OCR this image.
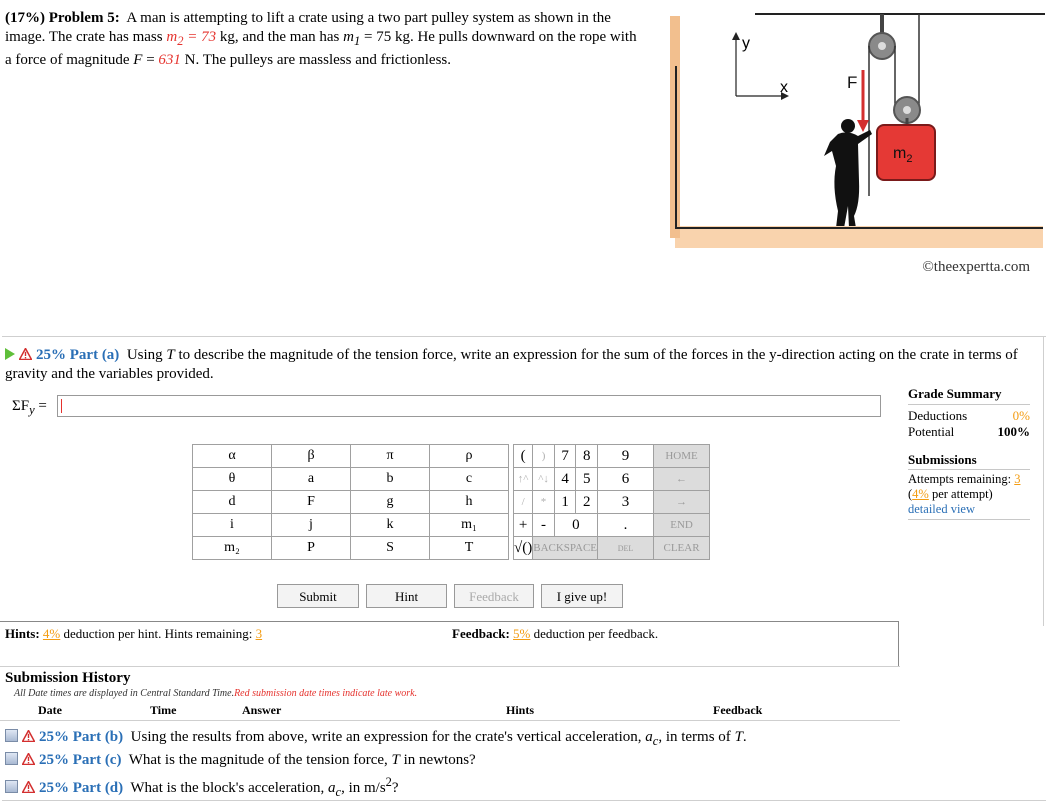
(17%) Problem 5: A man is attempting to lift a crate using a two part pulley system as shown in the image. The crate has mass $m_2 = 73$ kg, and the man has $m_1 = 75$ kg. He pulls downward on the rope with a force of magnitude F = 631 N. The pulleys are massless and frictionless.
$m_2$
F
y
x
©theexpertta.com
25% Part (a) Using T to describe the magnitude of the tension force, write an expression for the sum of the forces in the y-direction acting on the crate in terms of gravity and the variables provided.
$\Sigma F_y$ =
Grade Summary
Deductions	0%
Potential	100%
Submissions
Attempts remaining: 3
(4% per attempt)
detailed view
α	β	π	ρ
θ	a	b	c
d	F	g	h
i	j	k	m₁
m₂	P	S	T
(	)	7	8	9	HOME
↑^	^↓	4	5	6	←
/	*	1	2	3	→
+	-	0		.	END
√()	BACKSPACE			DEL	CLEAR
Submit	Hint	Feedback	I give up!
Hints: 4% deduction per hint. Hints remaining: 3	Feedback: 5% deduction per feedback.
Submission History
All Date times are displayed in Central Standard Time.Red submission date times indicate late work.
Date	Time	Answer	Hints	Feedback
25% Part (b) Using the results from above, write an expression for the crate's vertical acceleration, $a_c$, in terms of T.
25% Part (c) What is the magnitude of the tension force, T in newtons?
25% Part (d) What is the block's acceleration, $a_c$, in $m/s^2$?
